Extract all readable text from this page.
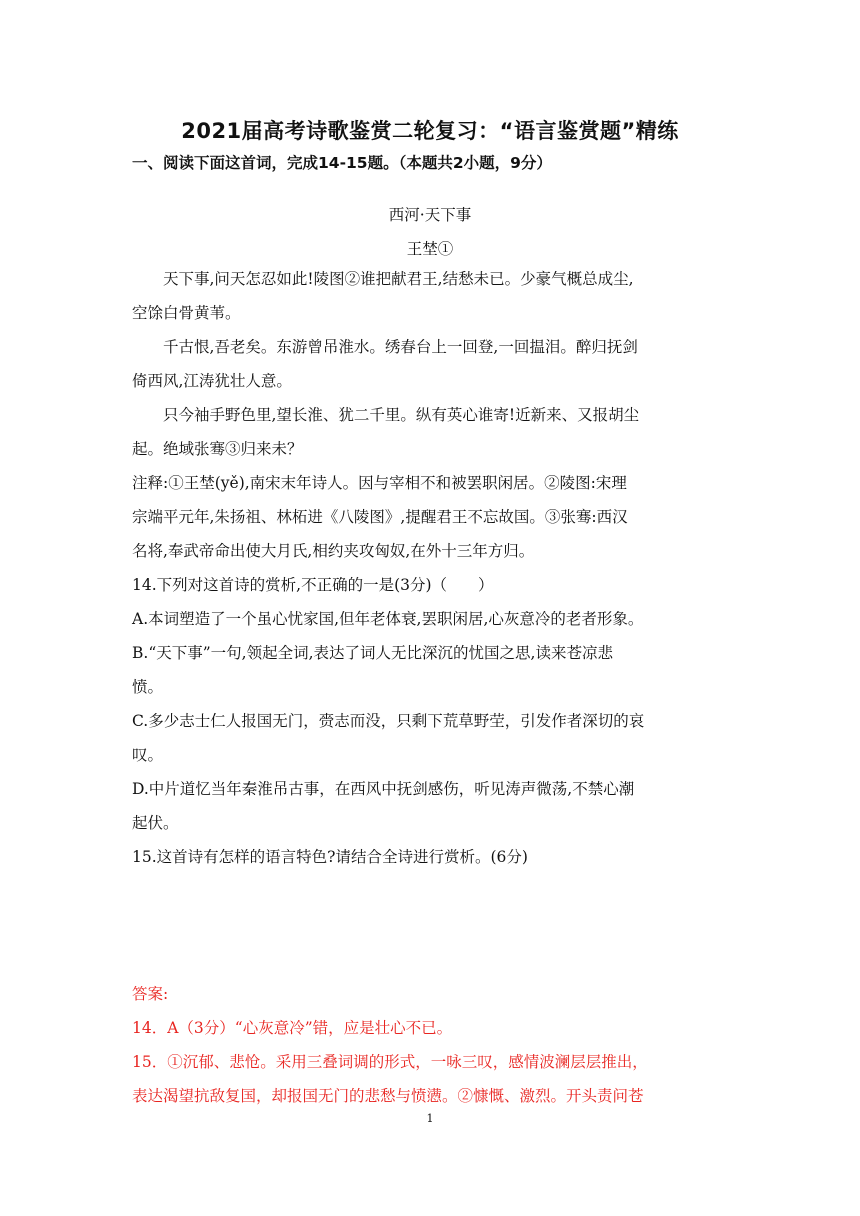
2021届高考诗歌鉴赏二轮复习：“语言鉴赏题”精练
一、阅读下面这首词，完成14-15题。（本题共2小题，9分）
西河·天下事
王埜①
天下事,问天怎忍如此!陵图②谁把献君王,结愁未已。少豪气概总成尘,
空馀白骨黄苇。
千古恨,吾老矣。东游曾吊淮水。绣春台上一回登,一回揾泪。醉归抚剑
倚西风,江涛犹壮人意。
只今袖手野色里,望长淮、犹二千里。纵有英心谁寄!近新来、又报胡尘
起。绝域张骞③归来未？
注释:①王埜(yě),南宋末年诗人。因与宰相不和被罢职闲居。②陵图:宋理
宗端平元年,朱扬祖、林柘进《八陵图》,提醒君王不忘故国。③张骞:西汉
名将,奉武帝命出使大月氏,相约夹攻匈奴,在外十三年方归。
14.下列对这首诗的赏析,不正确的一是(3分)（　　）
A.本词塑造了一个虽心忧家国,但年老体衰,罢职闲居,心灰意冷的老者形象。
B.“天下事”一句,领起全词,表达了词人无比深沉的忧国之思,读来苍凉悲
愤。
C.多少志士仁人报国无门，赍志而没，只剩下荒草野茔，引发作者深切的哀
叹。
D.中片道忆当年秦淮吊古事，在西风中抚剑感伤，听见涛声微荡,不禁心潮
起伏。
15.这首诗有怎样的语言特色?请结合全诗进行赏析。(6分)
答案:
14．A（3分）“心灰意冷”错，应是壮心不已。
15．①沉郁、悲怆。采用三叠词调的形式，一咏三叹，感情波澜层层推出，
表达渴望抗敌复国，却报国无门的悲愁与愤懑。②慷慨、激烈。开头责问苍
1
